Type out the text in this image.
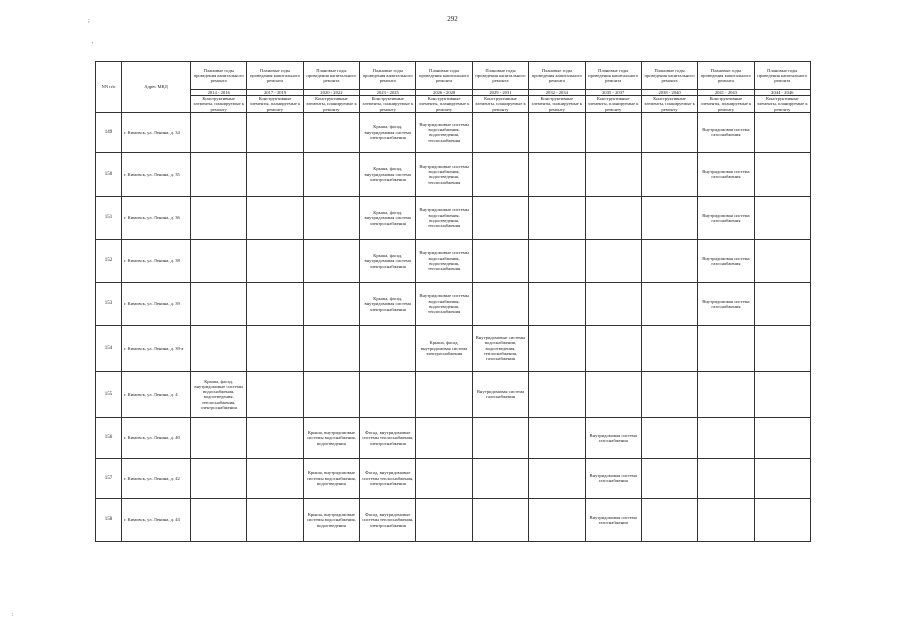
292
;
'
:
NN п/п	Адрес МКД	Плановые годы проведения капитального ремонта	Плановые годы проведения капитального ремонта	Плановые годы проведения капитального ремонта	Плановые годы проведения капитального ремонта	Плановые годы проведения капитального ремонта	Плановые годы проведения капитального ремонта	Плановые годы проведения капитального ремонта	Плановые годы проведения капитального ремонта	Плановые годы проведения капитального ремонта	Плановые годы проведения капитального ремонта	Плановые годы проведения капитального ремонта
		2014 - 2016	2017 - 2019	2020 - 2022	2023 - 2025	2026 - 2028	2029 - 2031	2032 - 2034	2035 - 2037	2038 - 2040	2041 - 2043	2044 - 2046
		Конструктивные элементы, планируемые к ремонту	Конструктивные элементы, планируемые к ремонту	Конструктивные элементы, планируемые к ремонту	Конструктивные элементы, планируемые к ремонту	Конструктивные элементы, планируемые к ремонту	Конструктивные элементы, планируемые к ремонту	Конструктивные элементы, планируемые к ремонту	Конструктивные элементы, планируемые к ремонту	Конструктивные элементы, планируемые к ремонту	Конструктивные элементы, планируемые к ремонту	Конструктивные элементы, планируемые к ремонту
149	г. Кимовск, ул. Ленина, д. 34				Крыша, фасад, внутридомовая система электроснабжения	Внутридомовые системы водоснабжения, водоотведения, теплоснабжения					Внутридомовая система газоснабжения	
150	г. Кимовск, ул. Ленина, д. 35				Крыша, фасад, внутридомовая система электроснабжения	Внутридомовые системы водоснабжения, водоотведения, теплоснабжения					Внутридомовая система газоснабжения	
151	г. Кимовск, ул. Ленина, д. 36				Крыша, фасад, внутридомовая система электроснабжения	Внутридомовые системы водоснабжения, водоотведения, теплоснабжения					Внутридомовая система газоснабжения	
152	г. Кимовск, ул. Ленина, д. 38				Крыша, фасад, внутридомовая система электроснабжения	Внутридомовые системы водоснабжения, водоотведения, теплоснабжения					Внутридомовая система газоснабжения	
153	г. Кимовск, ул. Ленина, д. 39				Крыша, фасад, внутридомовая система электроснабжения	Внутридомовые системы водоснабжения, водоотведения, теплоснабжения					Внутридомовая система газоснабжения	
154	г. Кимовск, ул. Ленина, д. 39-а					Крыша, фасад, внутридомовая система электроснабжения	Внутридомовые системы водоснабжения, водоотведения, теплоснабжения, газоснабжения					
155	г. Кимовск, ул. Ленина, д. 4	Крыша, фасад, внутридомовые системы водоснабжения, водоотведения, теплоснабжения, электроснабжения					Внутридомовая система газоснабжения					
156	г. Кимовск, ул. Ленина, д. 40			Крыша, внутридомовые системы водоснабжения, водоотведения	Фасад, внутридомовые системы теплоснабжения, электроснабжения				Внутридомовая система газоснабжения			
157	г. Кимовск, ул. Ленина, д. 42			Крыша, внутридомовые системы водоснабжения, водоотведения	Фасад, внутридомовые системы теплоснабжения, электроснабжения				Внутридомовая система газоснабжения			
158	г. Кимовск, ул. Ленина, д. 44			Крыша, внутридомовые системы водоснабжения, водоотведения	Фасад, внутридомовые системы теплоснабжения, электроснабжения				Внутридомовая система газоснабжения			
